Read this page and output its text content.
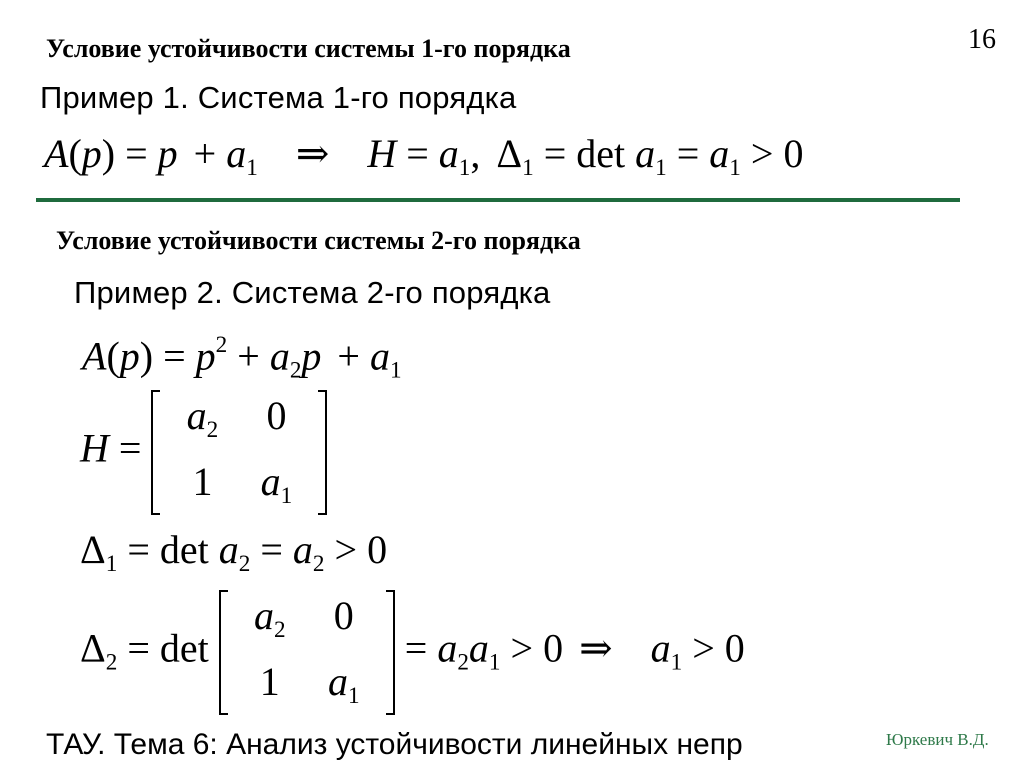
16
Условие устойчивости системы 1-го порядка
Пример 1. Система 1-го порядка
$A(p) = p + a_1$ ⇒ $H = a_1$, $\Delta_1 = \det a_1 = a_1 > 0$
Условие устойчивости системы 2-го порядка
Пример 2. Система 2-го порядка
$A(p) = p^2 + a_2p + a_1$
H =
$a_2$	0
1	$a_1$
$\Delta_1 = \det a_2 = a_2 > 0$
$\Delta_2 = \det$
$a_2$	0
1	$a_1$
= $a_2a_1 > 0$ ⇒ $a_1 > 0$
ТАУ. Тема 6: Анализ устойчивости линейных непр	Юркевич В.Д.
